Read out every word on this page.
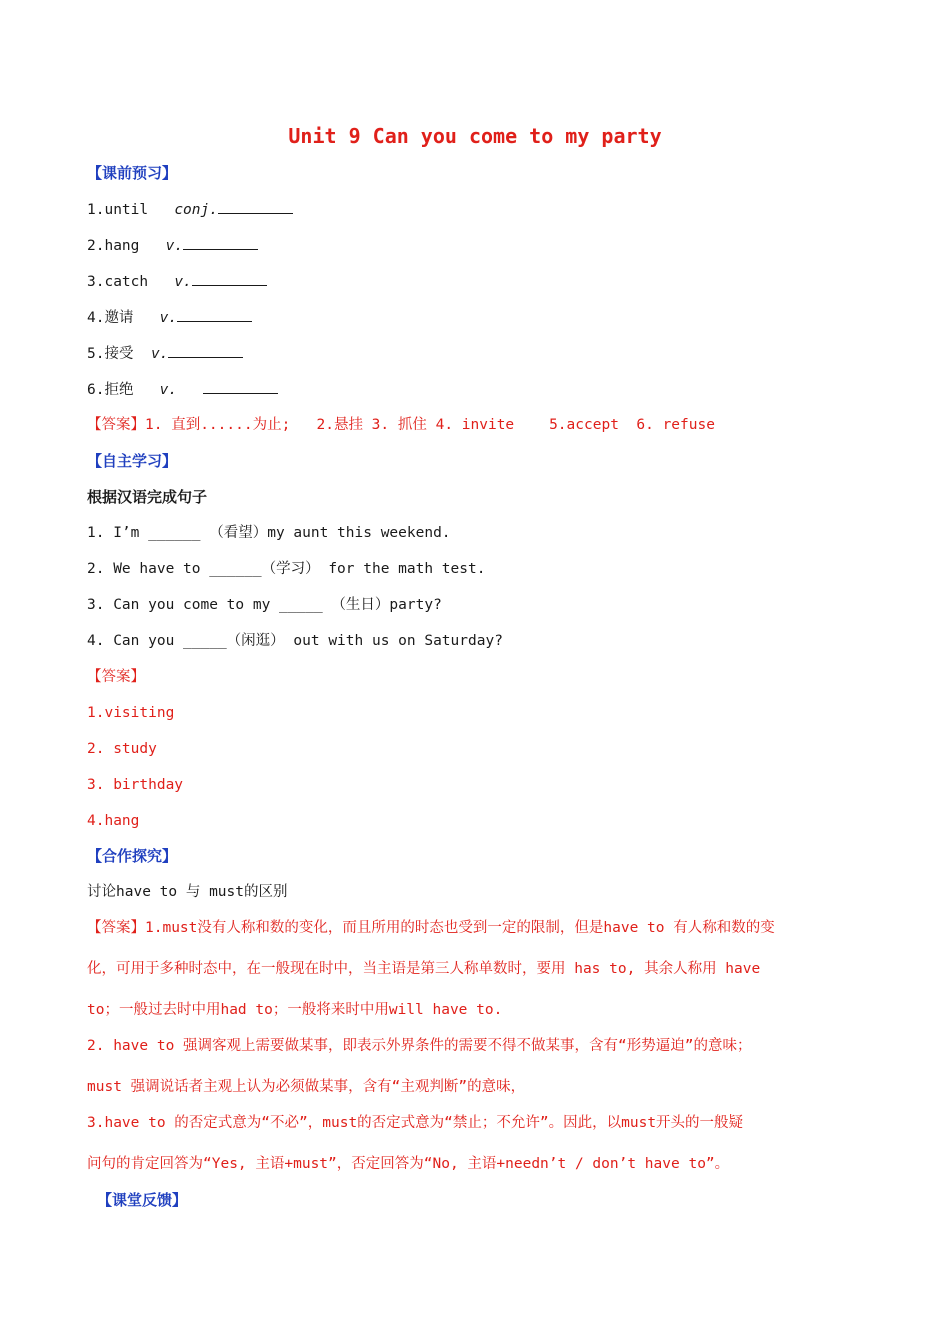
Unit 9 Can you come to my party
【课前预习】
1.until conj.
2.hang v.
3.catch v.
4.邀请 v.
5.接受 v.
6.拒绝 v.
【答案】1. 直到......为止;   2.悬挂 3. 抓住 4. invite    5.accept  6. refuse
【自主学习】
根据汉语完成句子
1. I’m ______ （看望）my aunt this weekend.
2. We have to ______（学习） for the math test.
3. Can you come to my _____ （生日）party?
4. Can you _____（闲逛） out with us on Saturday?
【答案】
1.visiting
2. study
3. birthday
4.hang
【合作探究】
讨论have to 与 must的区别
【答案】1.must没有人称和数的变化，而且所用的时态也受到一定的限制，但是have to 有人称和数的变
化，可用于多种时态中，在一般现在时中，当主语是第三人称单数时，要用 has to, 其余人称用 have
to；一般过去时中用had to；一般将来时中用will have to.
2. have to 强调客观上需要做某事，即表示外界条件的需要不得不做某事，含有“形势逼迫”的意味；
must 强调说话者主观上认为必须做某事，含有“主观判断”的意味，
3.have to 的否定式意为“不必”，must的否定式意为“禁止；不允许”。因此，以must开头的一般疑
问句的肯定回答为“Yes, 主语+must”，否定回答为“No, 主语+needn’t / don’t have to”。
【课堂反馈】
